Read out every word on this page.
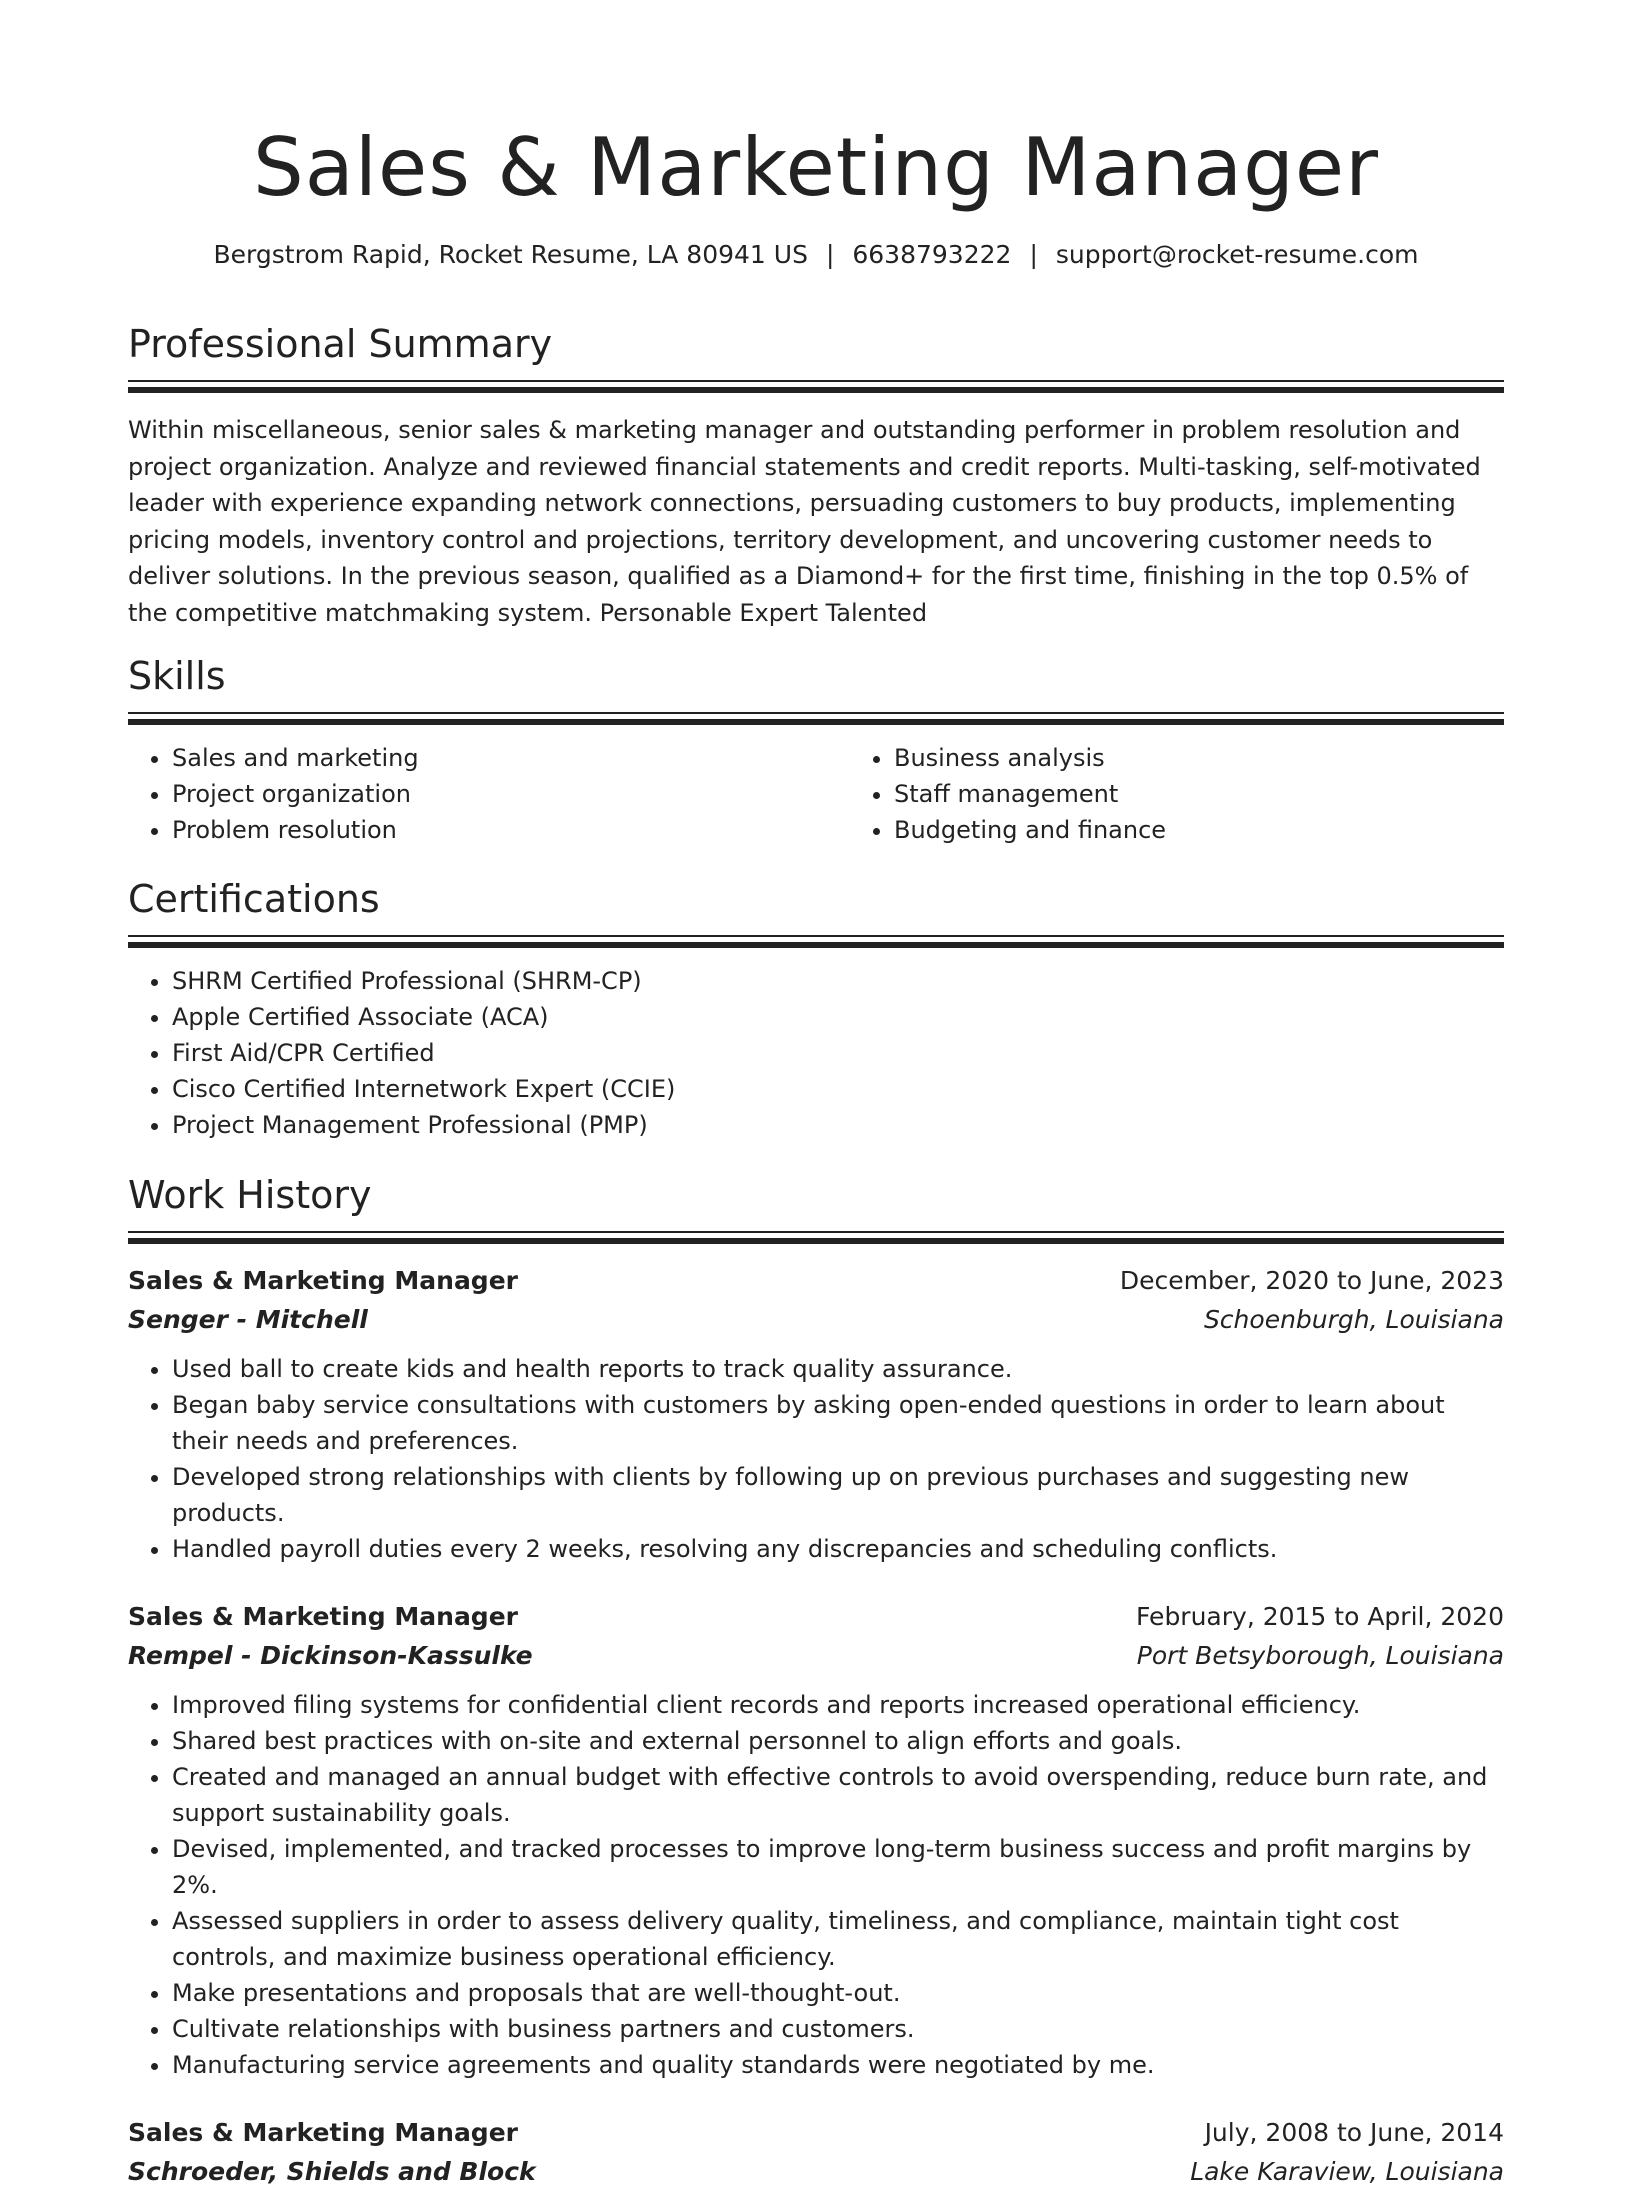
Sales & Marketing Manager
Bergstrom Rapid, Rocket Resume, LA 80941 US | 6638793222 | support@rocket-resume.com
Professional Summary
Within miscellaneous, senior sales & marketing manager and outstanding performer in problem resolution and project organization. Analyze and reviewed financial statements and credit reports. Multi-tasking, self-motivated leader with experience expanding network connections, persuading customers to buy products, implementing pricing models, inventory control and projections, territory development, and uncovering customer needs to deliver solutions. In the previous season, qualified as a Diamond+ for the first time, finishing in the top 0.5% of the competitive matchmaking system. Personable Expert Talented
Skills
• Sales and marketing
• Project organization
• Problem resolution
• Business analysis
• Staff management
• Budgeting and finance
Certifications
• SHRM Certified Professional (SHRM-CP)
• Apple Certified Associate (ACA)
• First Aid/CPR Certified
• Cisco Certified Internetwork Expert (CCIE)
• Project Management Professional (PMP)
Work History
Sales & Marketing Manager	December, 2020 to June, 2023
Senger - Mitchell	Schoenburgh, Louisiana
• Used ball to create kids and health reports to track quality assurance.
• Began baby service consultations with customers by asking open-ended questions in order to learn about their needs and preferences.
• Developed strong relationships with clients by following up on previous purchases and suggesting new products.
• Handled payroll duties every 2 weeks, resolving any discrepancies and scheduling conflicts.
Sales & Marketing Manager	February, 2015 to April, 2020
Rempel - Dickinson-Kassulke	Port Betsyborough, Louisiana
• Improved filing systems for confidential client records and reports increased operational efficiency.
• Shared best practices with on-site and external personnel to align efforts and goals.
• Created and managed an annual budget with effective controls to avoid overspending, reduce burn rate, and support sustainability goals.
• Devised, implemented, and tracked processes to improve long-term business success and profit margins by 2%.
• Assessed suppliers in order to assess delivery quality, timeliness, and compliance, maintain tight cost controls, and maximize business operational efficiency.
• Make presentations and proposals that are well-thought-out.
• Cultivate relationships with business partners and customers.
• Manufacturing service agreements and quality standards were negotiated by me.
Sales & Marketing Manager	July, 2008 to June, 2014
Schroeder, Shields and Block	Lake Karaview, Louisiana
